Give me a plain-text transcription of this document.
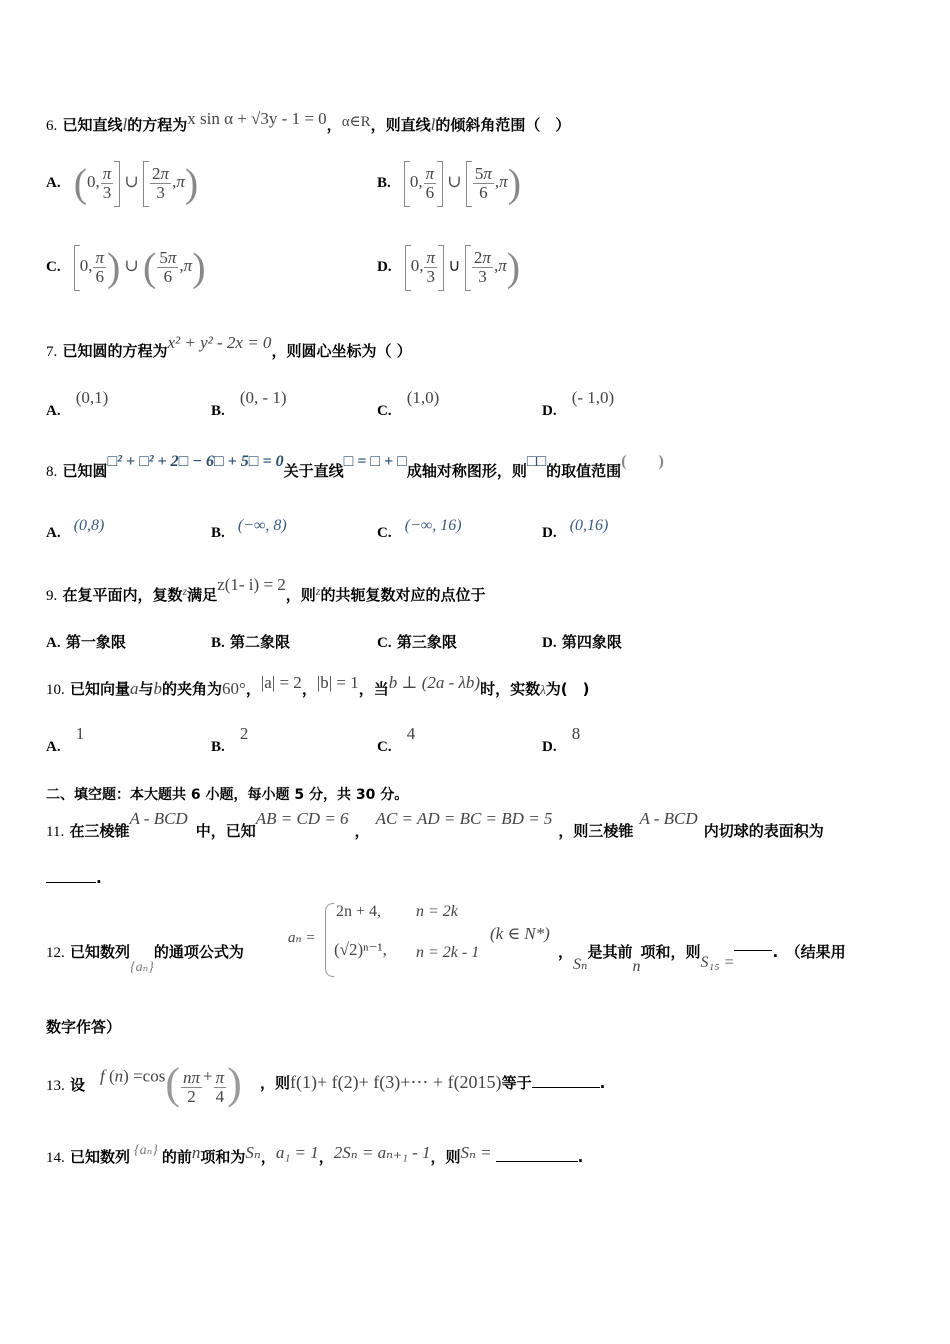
6. 已知直线l的方程为x sin α + √3y - 1 = 0，α∈R，则直线l的倾斜角范围（　）
A. (0, $\frac{\pi}{3}$ ∪ $\frac{2\pi}{3} ,\pi$)	B. 0, $\frac{\pi}{6}$ ∪ $\frac{5\pi}{6} ,\pi$)
C. 0, $\frac{\pi}{6}$ ) ∪ ( $\frac{5\pi}{6} ,\pi$)	D. 0, $\frac{\pi}{3}$ ∪ $\frac{2\pi}{3} ,\pi$)
7. 已知圆的方程为x² + y² - 2x = 0，则圆心坐标为（ ）
A. (0,1)
B. (0, - 1)
C. (1,0)
D. (- 1,0)
8. 已知圆□² + □² + 2□ − 6□ + 5□ = 0关于直线□ = □ + □成轴对称图形，则□□的取值范围(　　)
A. (0,8)	B. (−∞, 8)	C. (−∞, 16)	D. (0,16)
9. 在复平面内，复数$^z$满足z(1- i) = 2，则$^z$的共轭复数对应的点位于
A. 第一象限	B. 第二象限	C. 第三象限	D. 第四象限
10. 已知向量a与b的夹角为60°，|a| = 2，|b| = 1，当b ⊥ (2a - λb)时，实数λ为(　)
A. 1
B. 2
C. 4
D. 8
二、填空题：本大题共 6 小题，每小题 5 分，共 30 分。
11. 在三棱锥A - BCD中，已知AB = CD = 6，AC = AD = BC = BD = 5，则三棱锥A - BCD内切球的表面积为
.
12. 已知数列{aₙ}的通项公式为
aₙ =
2n + 4, n = 2k
(√2)ⁿ⁻¹, n = 2k - 1
(k ∈ N*)
，Sₙ是其前n项和，则S₁₅ =.　（结果用
数字作答）
13. 设 f $(n) =\cos( \frac{n\pi}{2} + \frac{\pi}{4}$ ) ，则f(1)+ f(2)+ f(3)+⋯ + f(2015)等于	.
14. 已知数列 {aₙ} 的前n项和为Sₙ，a₁ = 1，2Sₙ = aₙ₊₁ - 1，则Sₙ =	.
